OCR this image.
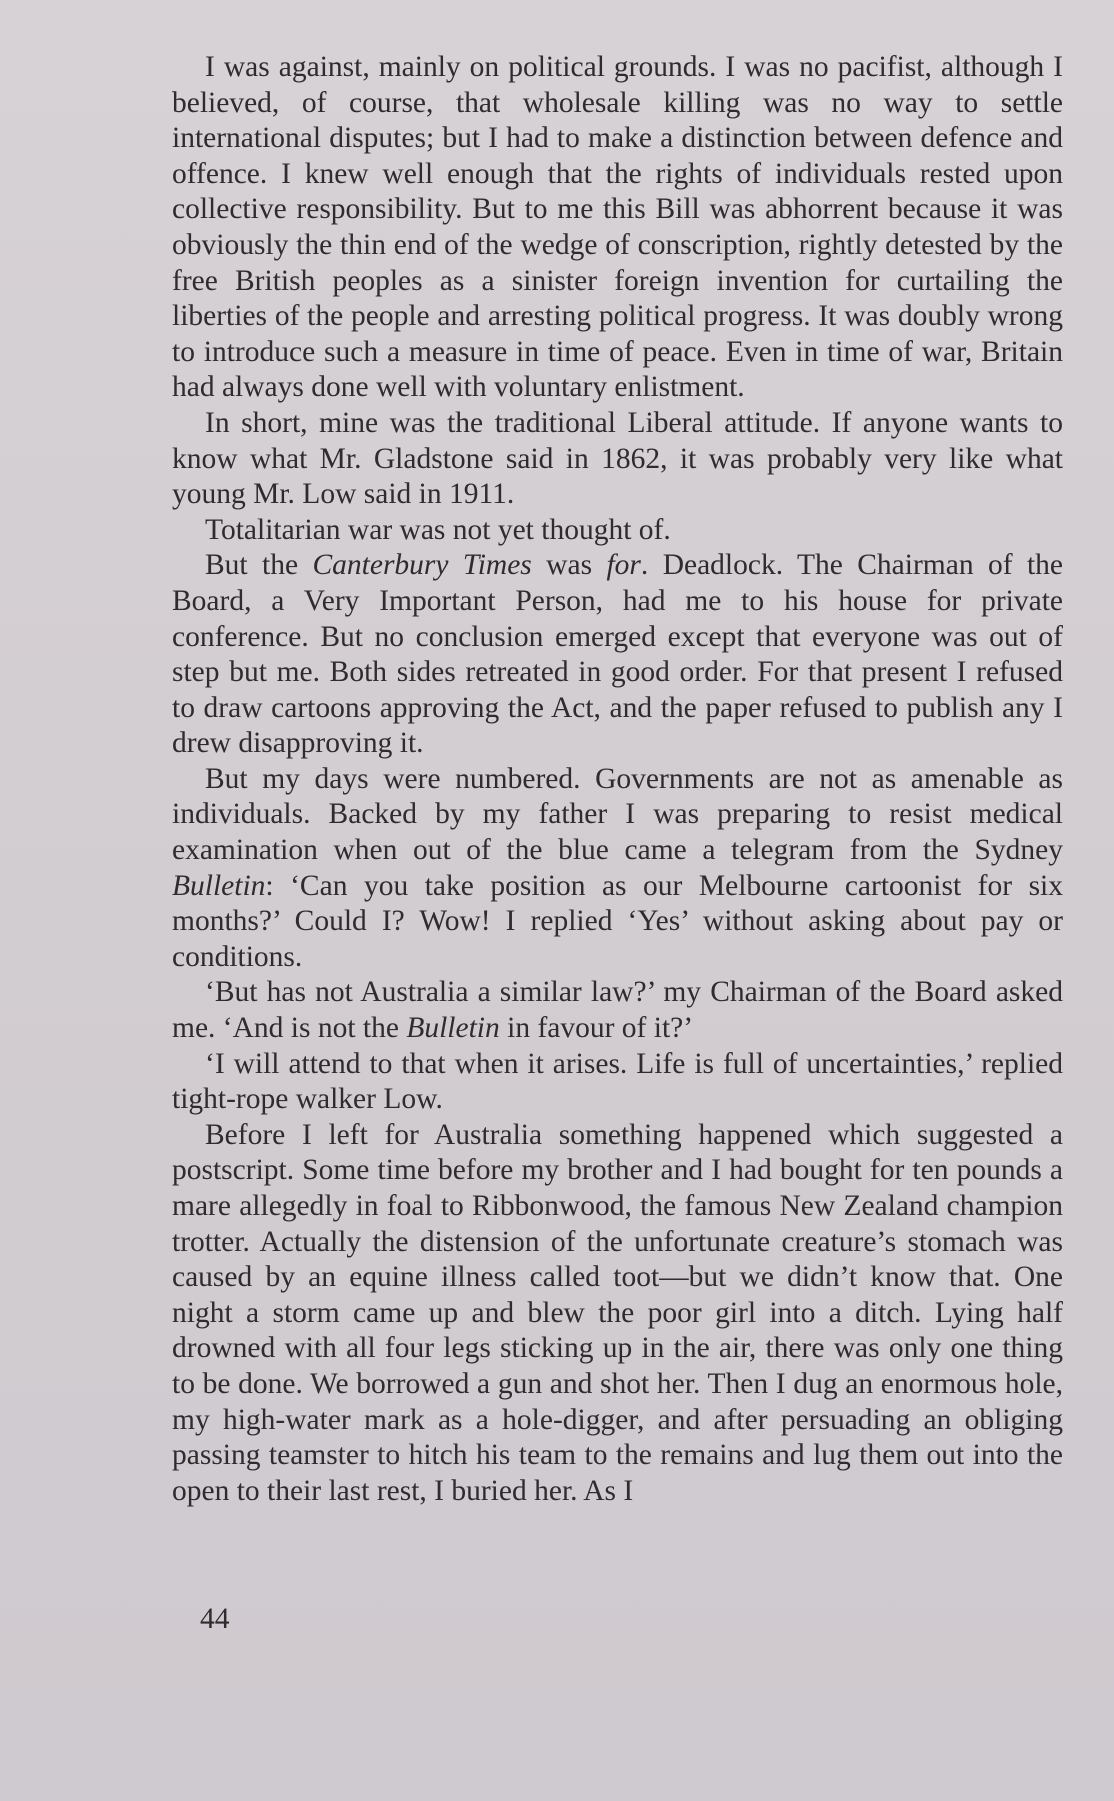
I was against, mainly on political grounds. I was no pacifist, although I believed, of course, that wholesale killing was no way to settle international disputes; but I had to make a distinction between defence and offence. I knew well enough that the rights of individuals rested upon collective responsibility. But to me this Bill was abhorrent because it was obviously the thin end of the wedge of conscription, rightly detested by the free British peoples as a sinister foreign invention for curtailing the liberties of the people and arresting political progress. It was doubly wrong to introduce such a measure in time of peace. Even in time of war, Britain had always done well with voluntary enlistment.

In short, mine was the traditional Liberal attitude. If anyone wants to know what Mr. Gladstone said in 1862, it was probably very like what young Mr. Low said in 1911.

Totalitarian war was not yet thought of.

But the Canterbury Times was for. Deadlock. The Chairman of the Board, a Very Important Person, had me to his house for private conference. But no conclusion emerged except that everyone was out of step but me. Both sides retreated in good order. For that present I refused to draw cartoons approving the Act, and the paper refused to publish any I drew disapproving it.

But my days were numbered. Governments are not as amenable as individuals. Backed by my father I was preparing to resist medical examination when out of the blue came a telegram from the Sydney Bulletin: ‘Can you take position as our Melbourne cartoonist for six months?’ Could I? Wow! I replied ‘Yes’ without asking about pay or conditions.

‘But has not Australia a similar law?’ my Chairman of the Board asked me. ‘And is not the Bulletin in favour of it?’

‘I will attend to that when it arises. Life is full of uncertainties,’ replied tight-rope walker Low.

Before I left for Australia something happened which suggested a postscript. Some time before my brother and I had bought for ten pounds a mare allegedly in foal to Ribbonwood, the famous New Zealand champion trotter. Actually the distension of the unfortunate creature’s stomach was caused by an equine illness called toot—but we didn’t know that. One night a storm came up and blew the poor girl into a ditch. Lying half drowned with all four legs sticking up in the air, there was only one thing to be done. We borrowed a gun and shot her. Then I dug an enormous hole, my high-water mark as a hole-digger, and after persuading an obliging passing teamster to hitch his team to the remains and lug them out into the open to their last rest, I buried her. As I

44
